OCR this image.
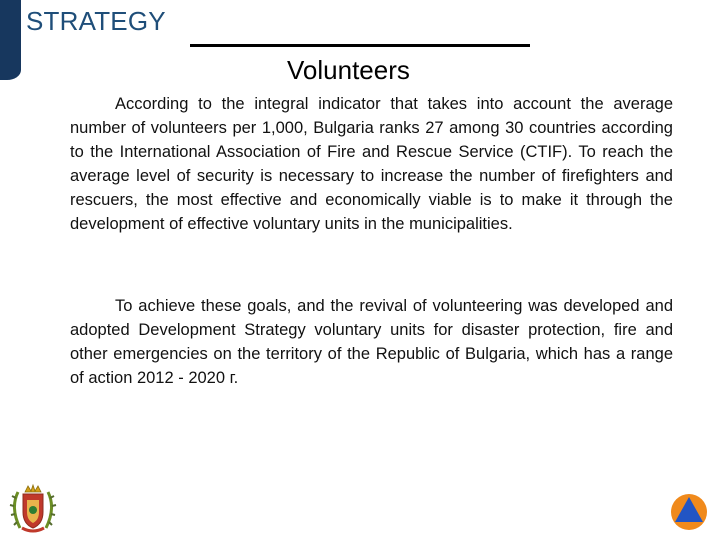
STRATEGY
Volunteers

According to the integral indicator that takes into account the average number of volunteers per 1,000, Bulgaria ranks 27 among 30 countries according to the International Association of Fire and Rescue Service (CTIF). To reach the average level of security is necessary to increase the number of firefighters and rescuers, the most effective and economically viable is to make it through the development of effective voluntary units in the municipalities.

To achieve these goals, and the revival of volunteering was developed and adopted Development Strategy voluntary units for disaster protection, fire and other emergencies on the territory of the Republic of Bulgaria, which has a range of action 2012 - 2020 г.
